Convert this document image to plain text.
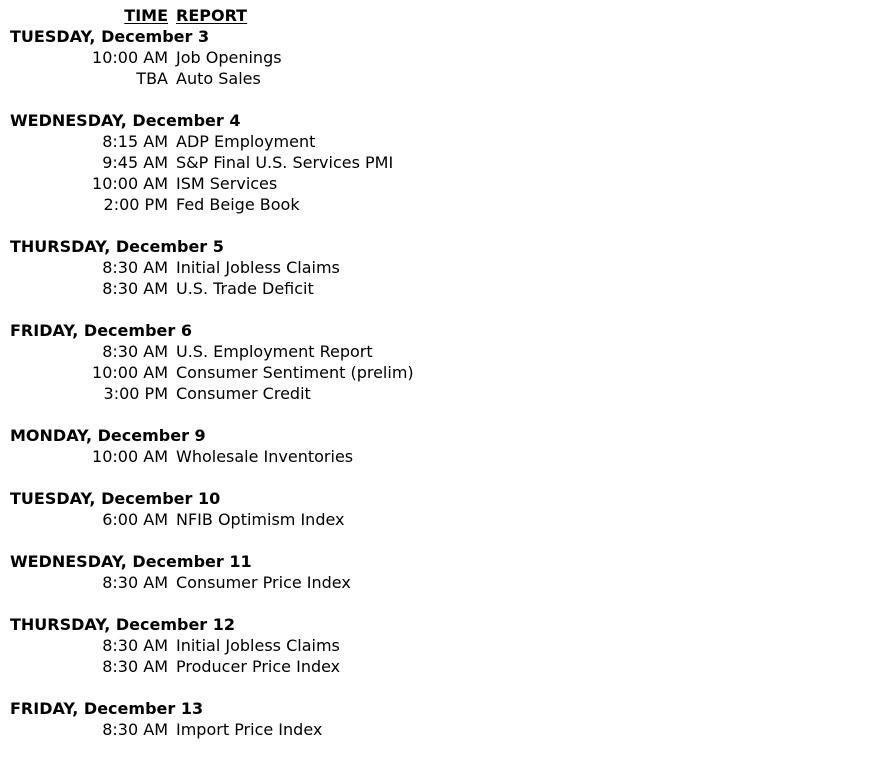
TIME REPORT
TUESDAY, December 3
10:00 AM Job Openings
TBA Auto Sales
WEDNESDAY, December 4
8:15 AM ADP Employment
9:45 AM S&P Final U.S. Services PMI
10:00 AM ISM Services
2:00 PM Fed Beige Book
THURSDAY, December 5
8:30 AM Initial Jobless Claims
8:30 AM U.S. Trade Deficit
FRIDAY, December 6
8:30 AM U.S. Employment Report
10:00 AM Consumer Sentiment (prelim)
3:00 PM Consumer Credit
MONDAY, December 9
10:00 AM Wholesale Inventories
TUESDAY, December 10
6:00 AM NFIB Optimism Index
WEDNESDAY, December 11
8:30 AM Consumer Price Index
THURSDAY, December 12
8:30 AM Initial Jobless Claims
8:30 AM Producer Price Index
FRIDAY, December 13
8:30 AM Import Price Index
